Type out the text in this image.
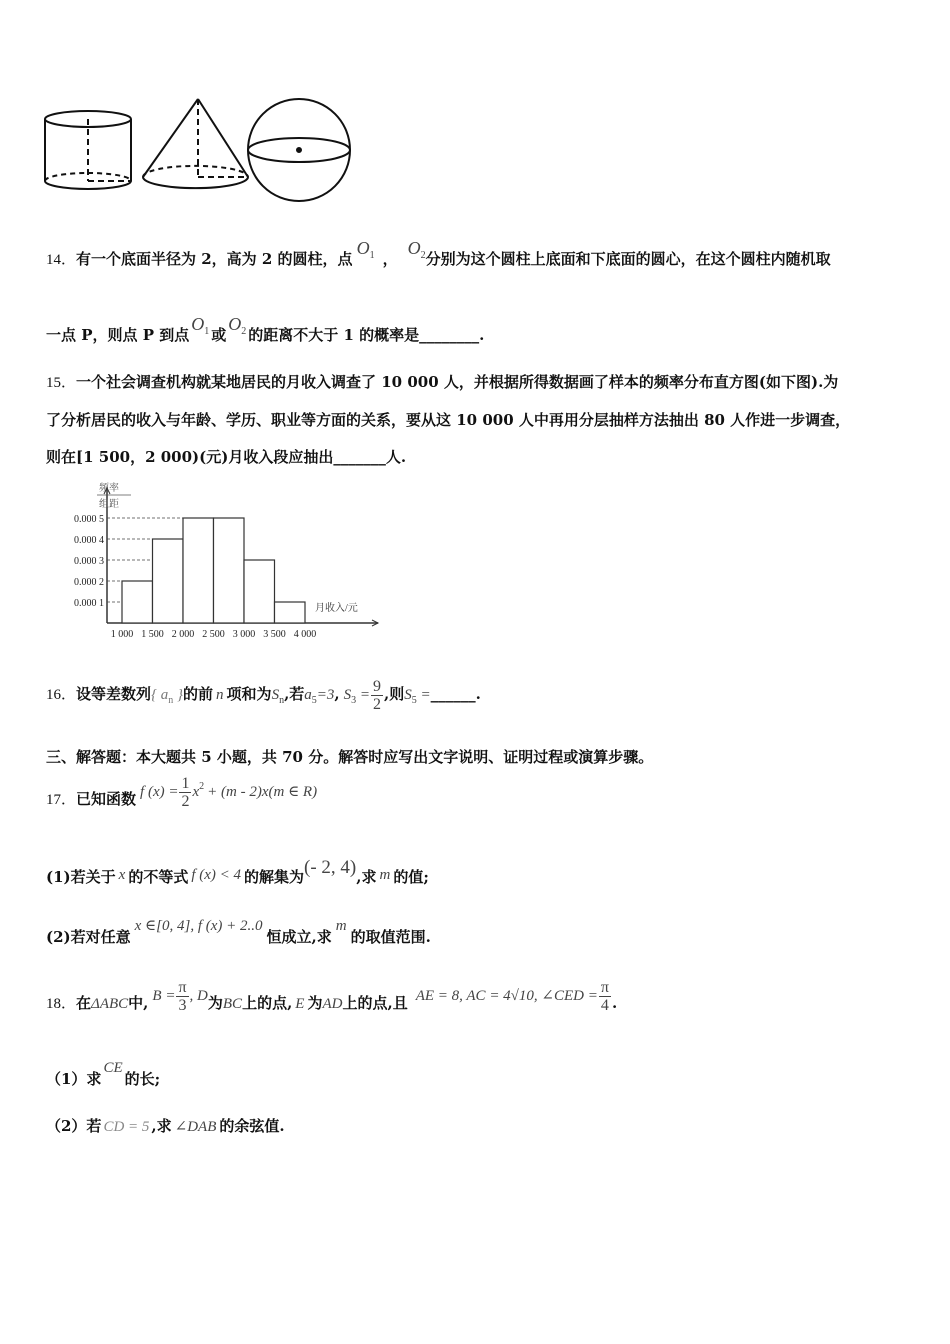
14．有一个底面半径为 2，高为 2 的圆柱，点$O_1$ ，$O_2$分别为这个圆柱上底面和下底面的圆心，在这个圆柱内随机取
一点 P，则点 P 到点$O_1$ 或$O_2$ 的距离不大于 1 的概率是________.
15．一个社会调查机构就某地居民的月收入调查了 10 000 人，并根据所得数据画了样本的频率分布直方图(如下图).为
了分析居民的收入与年龄、学历、职业等方面的关系，要从这 10 000 人中再用分层抽样方法抽出 80 人作进一步调查，
则在[1 500，2 000)(元)月收入段应抽出_______人.
频率
组距
月收入/元
0.000 1
0.000 2
0.000 3
0.000 4
0.000 5
1 000 1 500 2 000 2 500 3 000 3 500 4 000
16．设等差数列{ $a_n$ }的前 n 项和为$S_n$,若$a_5=3$, $S_3 = \frac{9}{2}$ ,则$S_5$ =______.
三、解答题：本大题共 5 小题，共 70 分。解答时应写出文字说明、证明过程或演算步骤。
17．已知函数 f $(x) = \frac{1}{2} x^2 + (m - 2)x(m$ ∈ R)
(1)若关于 x 的不等式 f (x) < 4 的解集为(- 2, 4),求 m 的值;
(2)若对任意x ∈[0, 4], f (x) + 2..0恒成立,求m的取值范围.
18．在ΔABC中, $B = \frac{\pi}{3}$ , D为BC上的点, E 为AD上的点,且 AE = 8, AC = 4√10, ∠CED = $\frac{\pi}{4}$ .
（1）求CE的长;
（2）若 CD = 5 ,求 ∠DAB 的余弦值.
